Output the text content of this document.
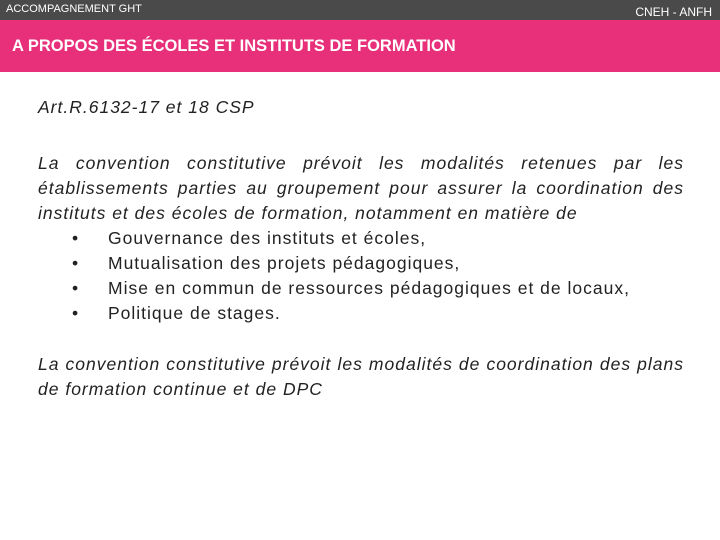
ACCOMPAGNEMENT GHT	CNEH - ANFH
A PROPOS DES ÉCOLES ET INSTITUTS DE FORMATION

Art.R.6132-17 et 18 CSP

La convention constitutive prévoit les modalités retenues par les établissements parties au groupement pour assurer la coordination des instituts et des écoles de formation, notamment en matière de

• Gouvernance des instituts et écoles,
• Mutualisation des projets pédagogiques,
• Mise en commun de ressources pédagogiques et de locaux,
• Politique de stages.

La convention constitutive prévoit les modalités de coordination des plans de formation continue et de DPC
